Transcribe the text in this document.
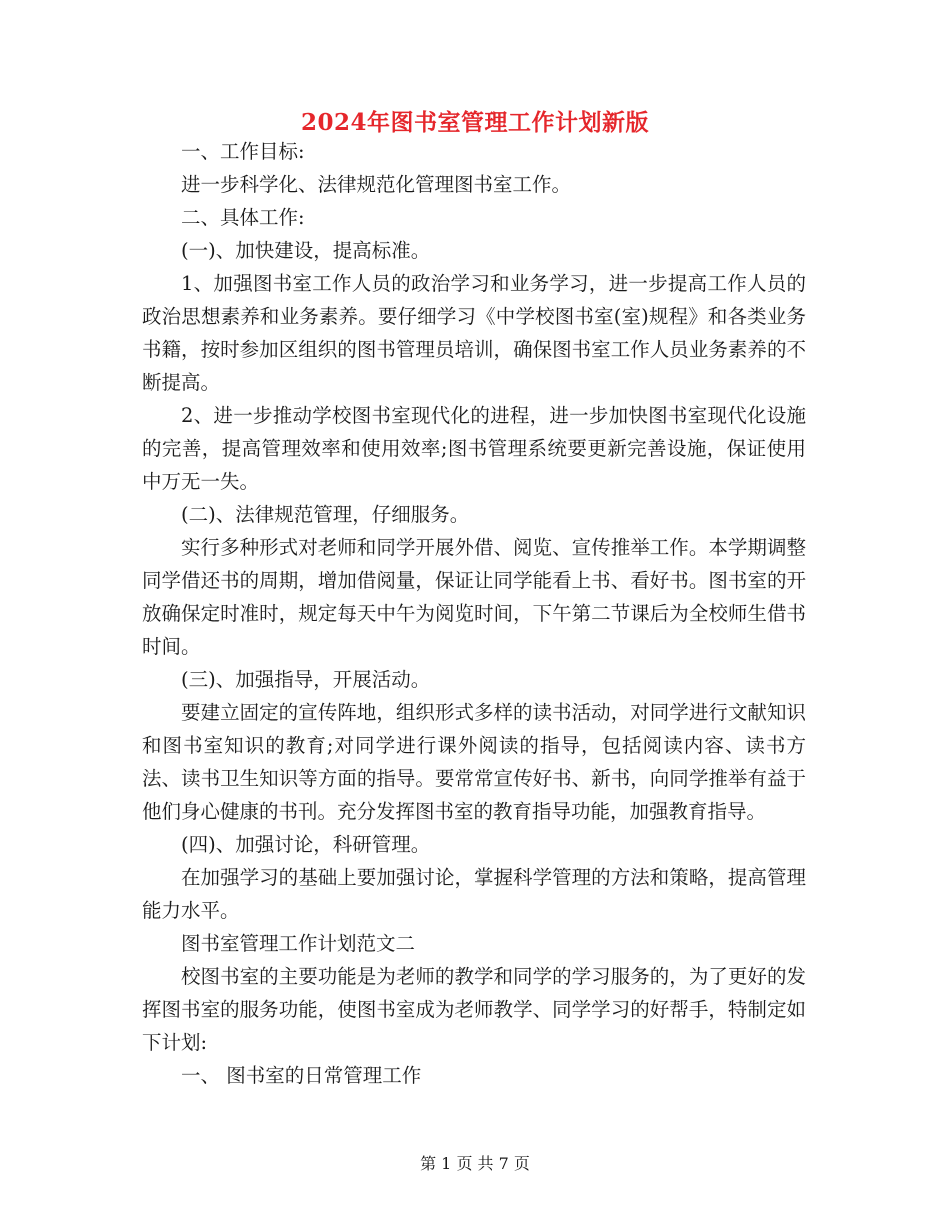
2024年图书室管理工作计划新版

一、工作目标:

进一步科学化、法律规范化管理图书室工作。

二、具体工作:

(一)、加快建设，提高标准。

1、加强图书室工作人员的政治学习和业务学习，进一步提高工作人员的政治思想素养和业务素养。要仔细学习《中学校图书室(室)规程》和各类业务书籍，按时参加区组织的图书管理员培训，确保图书室工作人员业务素养的不断提高。

2、进一步推动学校图书室现代化的进程，进一步加快图书室现代化设施的完善，提高管理效率和使用效率;图书管理系统要更新完善设施，保证使用中万无一失。

(二)、法律规范管理，仔细服务。

实行多种形式对老师和同学开展外借、阅览、宣传推举工作。本学期调整同学借还书的周期，增加借阅量，保证让同学能看上书、看好书。图书室的开放确保定时准时，规定每天中午为阅览时间，下午第二节课后为全校师生借书时间。

(三)、加强指导，开展活动。

要建立固定的宣传阵地，组织形式多样的读书活动，对同学进行文献知识和图书室知识的教育;对同学进行课外阅读的指导，包括阅读内容、读书方法、读书卫生知识等方面的指导。要常常宣传好书、新书，向同学推举有益于他们身心健康的书刊。充分发挥图书室的教育指导功能，加强教育指导。

(四)、加强讨论，科研管理。

在加强学习的基础上要加强讨论，掌握科学管理的方法和策略，提高管理能力水平。

图书室管理工作计划范文二

校图书室的主要功能是为老师的教学和同学的学习服务的，为了更好的发挥图书室的服务功能，使图书室成为老师教学、同学学习的好帮手，特制定如下计划:

一、 图书室的日常管理工作

第 1 页 共 7 页
